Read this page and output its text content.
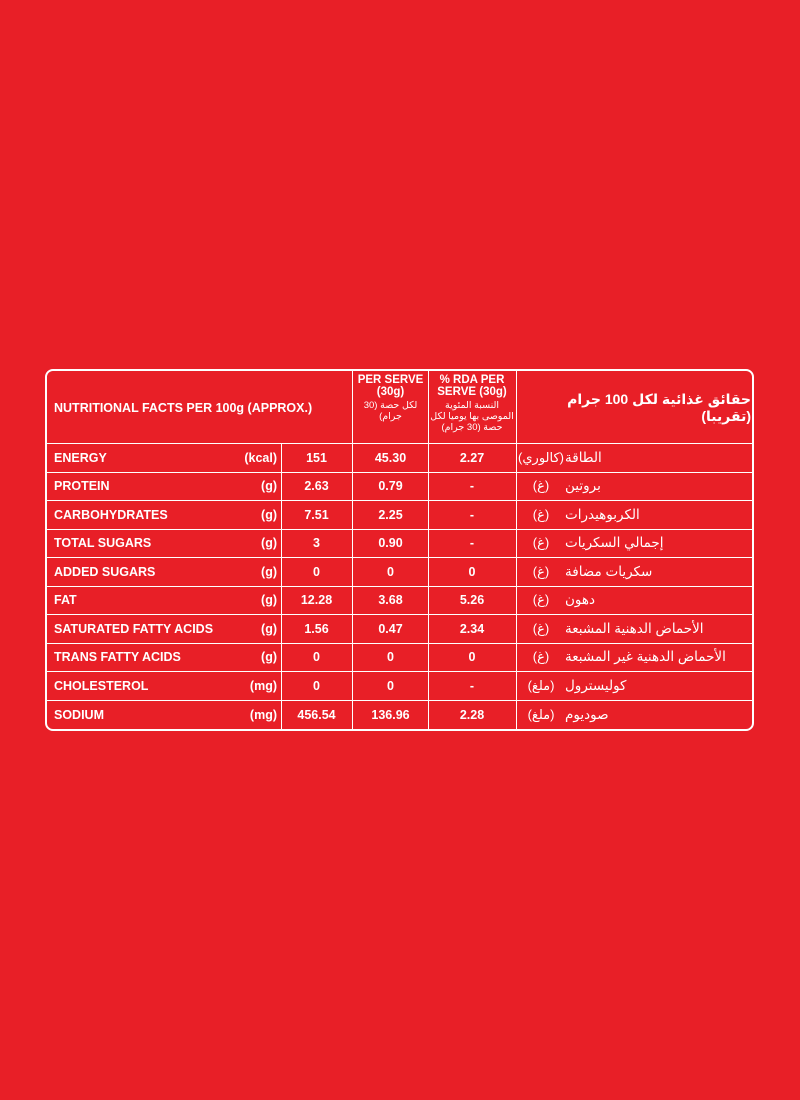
NUTRITIONAL FACTS PER 100g (APPROX.)
PER SERVE (30g)
لكل حصة (30 جرام)
% RDA PER SERVE (30g)
النسبة المئوية الموصى بها يوميا لكل حصة (30 جرام)
حقائق غذائية لكل 100 جرام (تقريبا)
ENERGY	(kcal)	151	45.30	2.27	(كالوري) الطاقة
PROTEIN	(g)	2.63	0.79	-	(غ)	بروتين
CARBOHYDRATES	(g)	7.51	2.25	-	(غ)	الكربوهيدرات
TOTAL SUGARS	(g)	3	0.90	-	(غ)	إجمالي السكريات
ADDED SUGARS	(g)	0	0	0	(غ)	سكريات مضافة
FAT	(g)	12.28	3.68	5.26	(غ)	دهون
SATURATED FATTY ACIDS	(g)	1.56	0.47	2.34	(غ)	الأحماض الدهنية المشبعة
TRANS FATTY ACIDS	(g)	0	0	0	(غ)	الأحماض الدهنية غير المشبعة
CHOLESTEROL	(mg)	0	0	-	(ملغ) كوليسترول
SODIUM	(mg)	456.54	136.96	2.28	(ملغ) صوديوم
